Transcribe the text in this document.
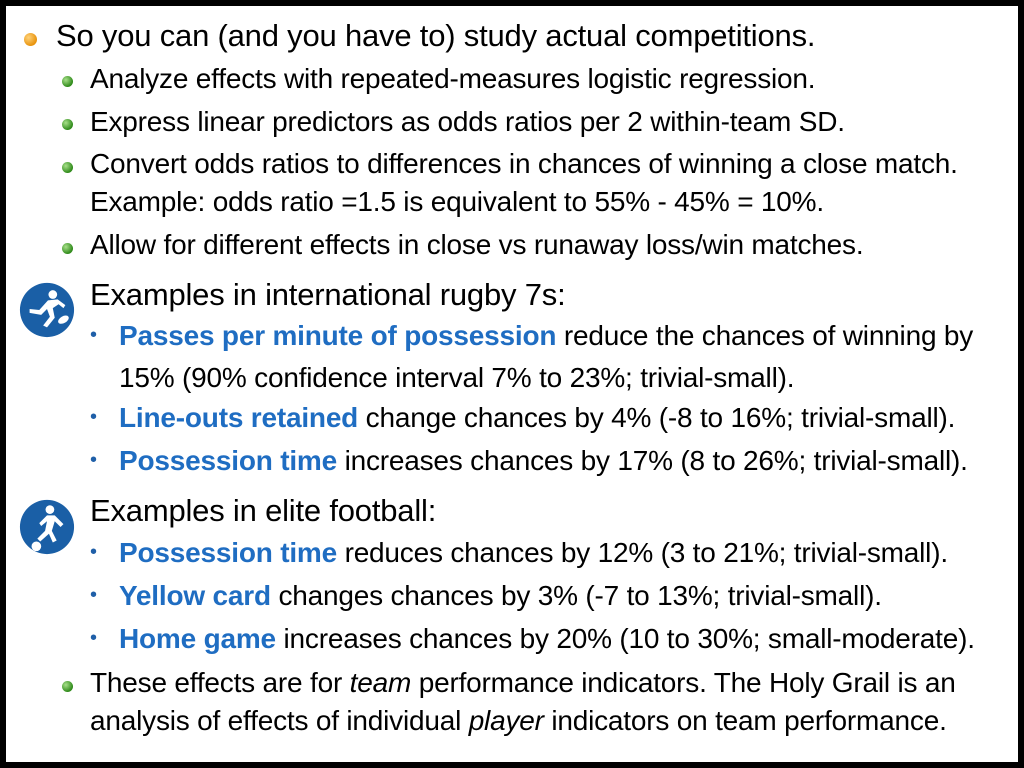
So you can (and you have to) study actual competitions.
Analyze effects with repeated-measures logistic regression.
Express linear predictors as odds ratios per 2 within-team SD.
Convert odds ratios to differences in chances of winning a close match.
Example: odds ratio =1.5 is equivalent to 55% - 45% = 10%.
Allow for different effects in close vs runaway loss/win matches.
Examples in international rugby 7s:
• Passes per minute of possession reduce the chances of winning by
15% (90% confidence interval 7% to 23%; trivial-small).
• Line-outs retained change chances by 4% (-8 to 16%; trivial-small).
• Possession time increases chances by 17% (8 to 26%; trivial-small).
Examples in elite football:
• Possession time reduces chances by 12% (3 to 21%; trivial-small).
• Yellow card changes chances by 3% (-7 to 13%; trivial-small).
• Home game increases chances by 20% (10 to 30%; small-moderate).
These effects are for team performance indicators. The Holy Grail is an
analysis of effects of individual player indicators on team performance.
